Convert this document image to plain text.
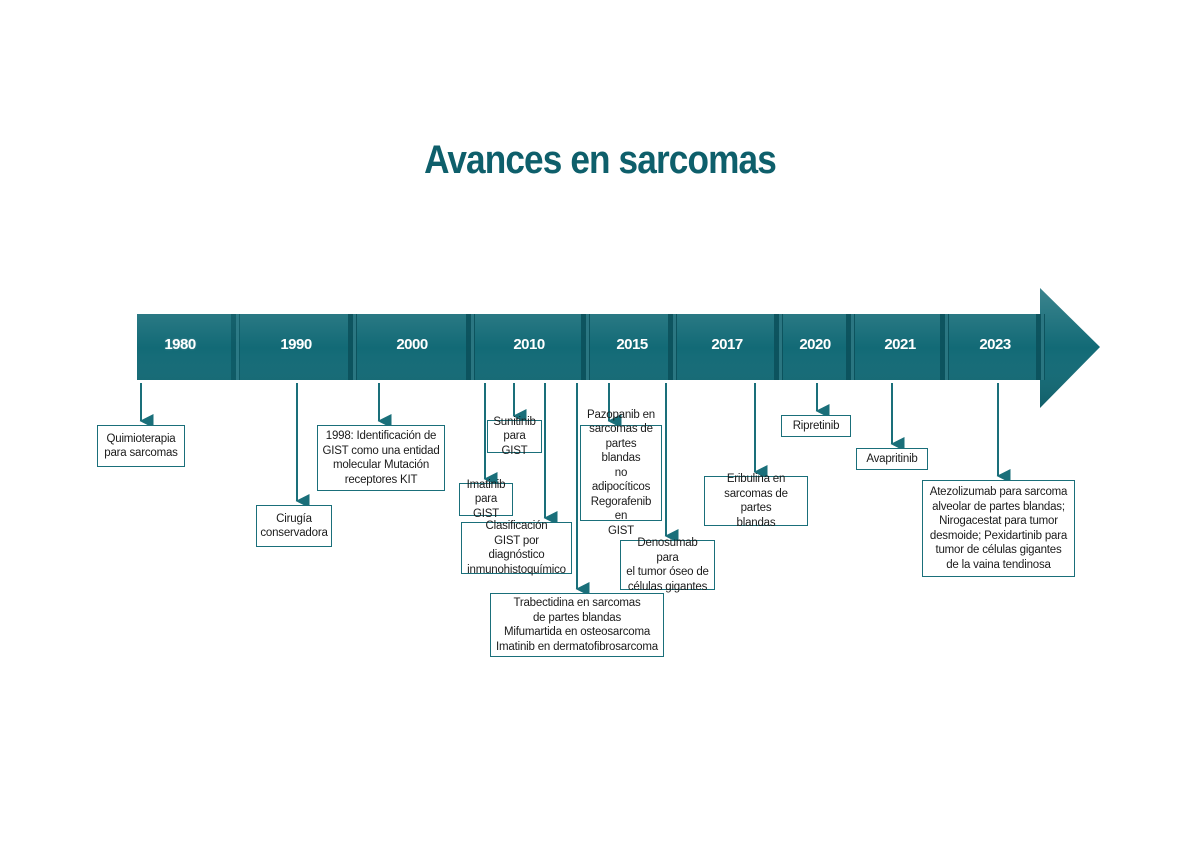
Avances en sarcomas
1980	1990	2000	2010	2015	2017	2020	2021	2023
Quimioterapia
para sarcomas
Cirugía
conservadora
1998: Identificación de
GIST como una entidad
molecular Mutación
receptores KIT	Imatinib
para GIST
Sunitinib
para GIST
Clasificación
GIST por diagnóstico
inmunohistoquímico
Trabectidina en sarcomas
de partes blandas
Mifumartida en osteosarcoma
Imatinib en dermatofibrosarcoma
Pazopanib en
sarcomas de
partes blandas
no adipocíticos
Regorafenib en
GIST
Denosumab para
el tumor óseo de
células gigantes
Eribulina en
sarcomas de partes
blandas
Ripretinib
Avapritinib
Atezolizumab para sarcoma
alveolar de partes blandas;
Nirogacestat para tumor
desmoide; Pexidartinib para
tumor de células gigantes
de la vaina tendinosa
